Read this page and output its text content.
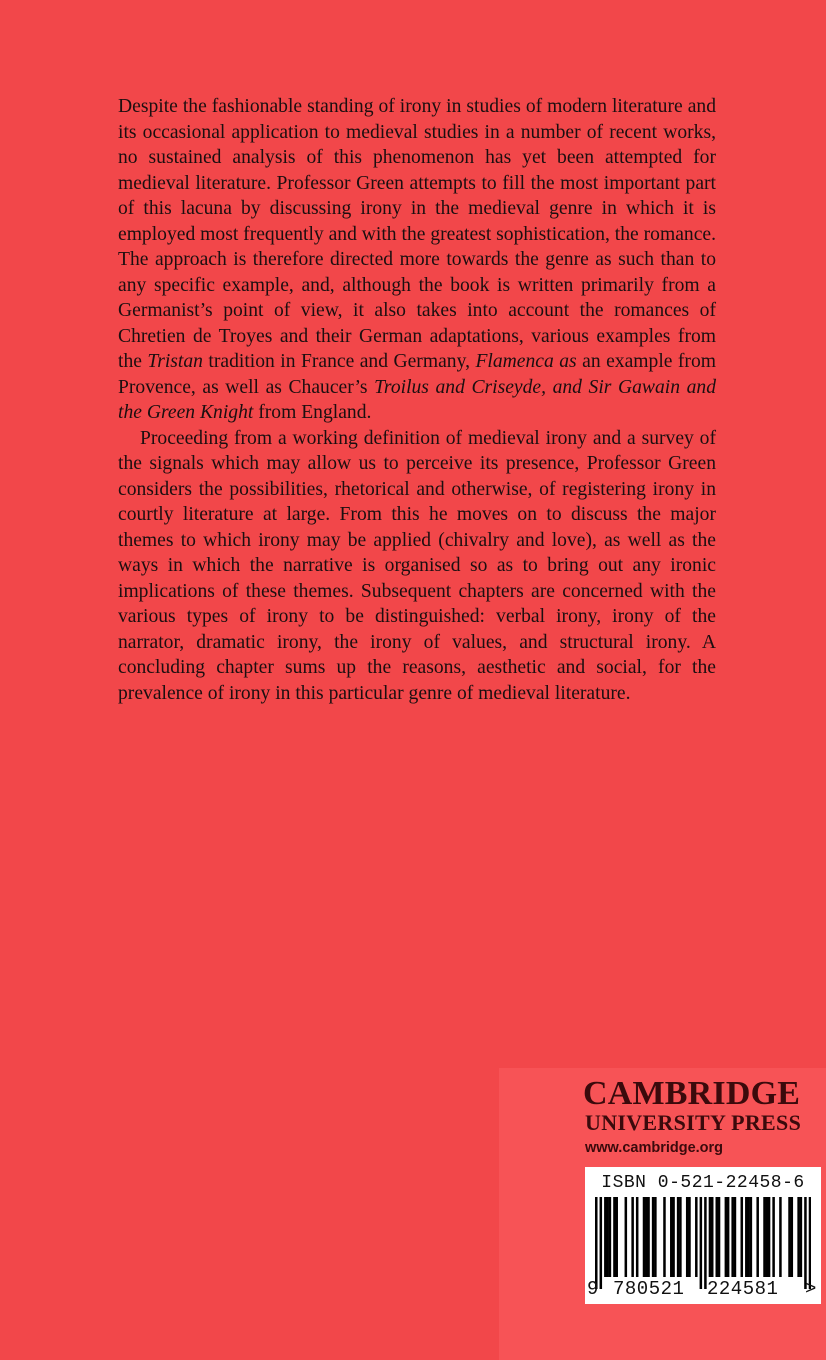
Despite the fashionable standing of irony in studies of modern literature and its occasional application to medieval studies in a number of recent works, no sustained analysis of this phenomenon has yet been attempted for medieval literature. Professor Green attempts to fill the most important part of this lacuna by discussing irony in the medieval genre in which it is employed most frequently and with the greatest sophistication, the romance. The approach is therefore directed more towards the genre as such than to any specific example, and, although the book is written primarily from a Germanist’s point of view, it also takes into account the romances of Chretien de Troyes and their German adaptations, various examples from the Tristan tradition in France and Germany, Flamenca as an example from Provence, as well as Chaucer’s Troilus and Criseyde, and Sir Gawain and the Green Knight from England.

Proceeding from a working definition of medieval irony and a survey of the signals which may allow us to perceive its presence, Professor Green considers the possibilities, rhetorical and otherwise, of registering irony in courtly literature at large. From this he moves on to discuss the major themes to which irony may be applied (chivalry and love), as well as the ways in which the narrative is organised so as to bring out any ironic implications of these themes. Subsequent chapters are concerned with the various types of irony to be distinguished: verbal irony, irony of the narrator, dramatic irony, the irony of values, and structural irony. A concluding chapter sums up the reasons, aesthetic and social, for the prevalence of irony in this particular genre of medieval literature.

CAMBRIDGE
UNIVERSITY PRESS
www.cambridge.org
ISBN 0-521-22458-6
9 780521 224581 >
